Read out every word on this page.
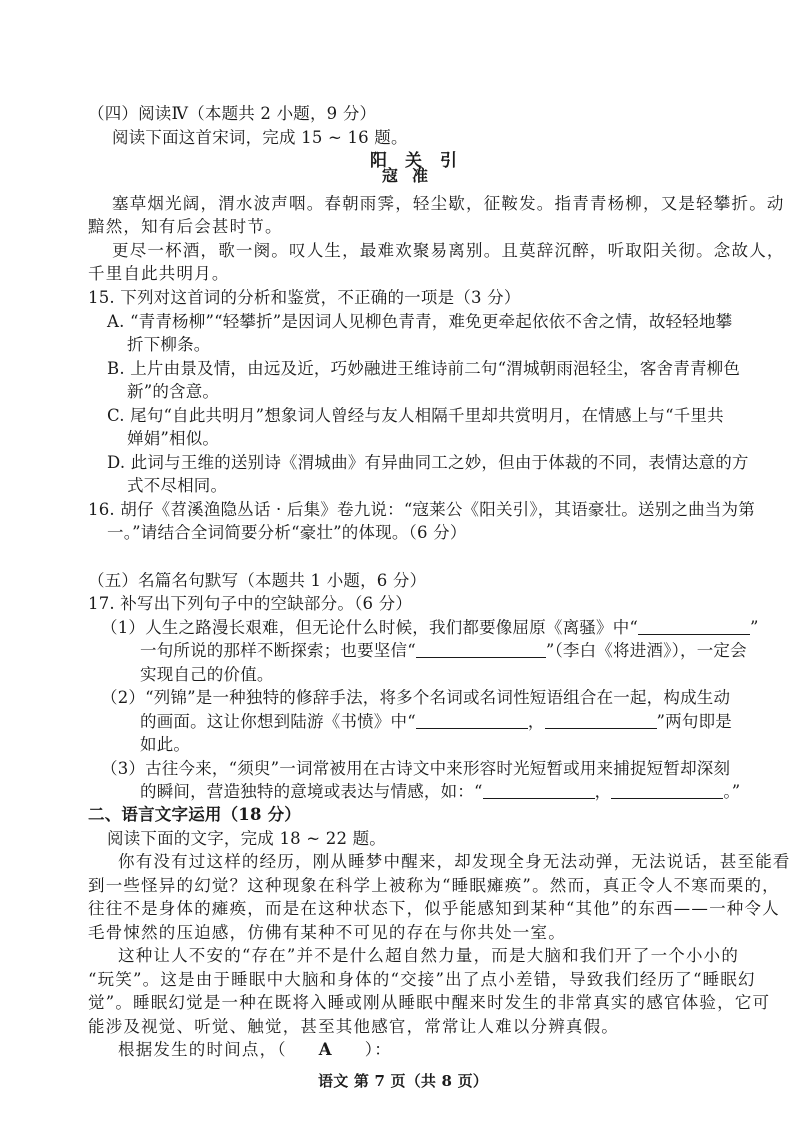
（四）阅读Ⅳ（本题共 2 小题，9 分）
阅读下面这首宋词，完成 15 ~ 16 题。
阳关引
寇准
塞草烟光阔，渭水波声咽。春朝雨霁，轻尘歇，征鞍发。指青青杨柳，又是轻攀折。动
黯然，知有后会甚时节。
更尽一杯酒，歌一阕。叹人生，最难欢聚易离别。且莫辞沉醉，听取阳关彻。念故人，
千里自此共明月。
15. 下列对这首词的分析和鉴赏，不正确的一项是（3 分）
A. “青青杨柳”“轻攀折”是因词人见柳色青青，难免更牵起依依不舍之情，故轻轻地攀
折下柳条。
B. 上片由景及情，由远及近，巧妙融进王维诗前二句“渭城朝雨浥轻尘，客舍青青柳色
新”的含意。
C. 尾句“自此共明月”想象词人曾经与友人相隔千里却共赏明月，在情感上与“千里共
婵娟”相似。
D. 此词与王维的送别诗《渭城曲》有异曲同工之妙，但由于体裁的不同，表情达意的方
式不尽相同。
16. 胡仔《苕溪渔隐丛话 · 后集》卷九说：“寇莱公《阳关引》，其语豪壮。送别之曲当为第
一。”请结合全词简要分析“豪壮”的体现。（6 分）
（五）名篇名句默写（本题共 1 小题，6 分）
17. 补写出下列句子中的空缺部分。（6 分）
（1）人生之路漫长艰难，但无论什么时候，我们都要像屈原《离骚》中“	”
一句所说的那样不断探索；也要坚信“	”（李白《将进酒》），一定会
实现自己的价值。
（2）“列锦”是一种独特的修辞手法，将多个名词或名词性短语组合在一起，构成生动
的画面。这让你想到陆游《书愤》中“	，	”两句即是
如此。
（3）古往今来，“须臾”一词常被用在古诗文中来形容时光短暂或用来捕捉短暂却深刻
的瞬间，营造独特的意境或表达与情感，如：“	，	。”
二、语言文字运用（18 分）
阅读下面的文字，完成 18 ~ 22 题。
你有没有过这样的经历，刚从睡梦中醒来，却发现全身无法动弹，无法说话，甚至能看
到一些怪异的幻觉？这种现象在科学上被称为“睡眠瘫痪”。然而，真正令人不寒而栗的，
往往不是身体的瘫痪，而是在这种状态下，似乎能感知到某种“其他”的东西——一种令人
毛骨悚然的压迫感，仿佛有某种不可见的存在与你共处一室。
这种让人不安的“存在”并不是什么超自然力量，而是大脑和我们开了一个小小的
“玩笑”。这是由于睡眠中大脑和身体的“交接”出了点小差错，导致我们经历了“睡眠幻
觉”。睡眠幻觉是一种在既将入睡或刚从睡眠中醒来时发生的非常真实的感官体验，它可
能涉及视觉、听觉、触觉，甚至其他感官，常常让人难以分辨真假。
根据发生的时间点，（ A ）：
语文 第 7 页（共 8 页）
